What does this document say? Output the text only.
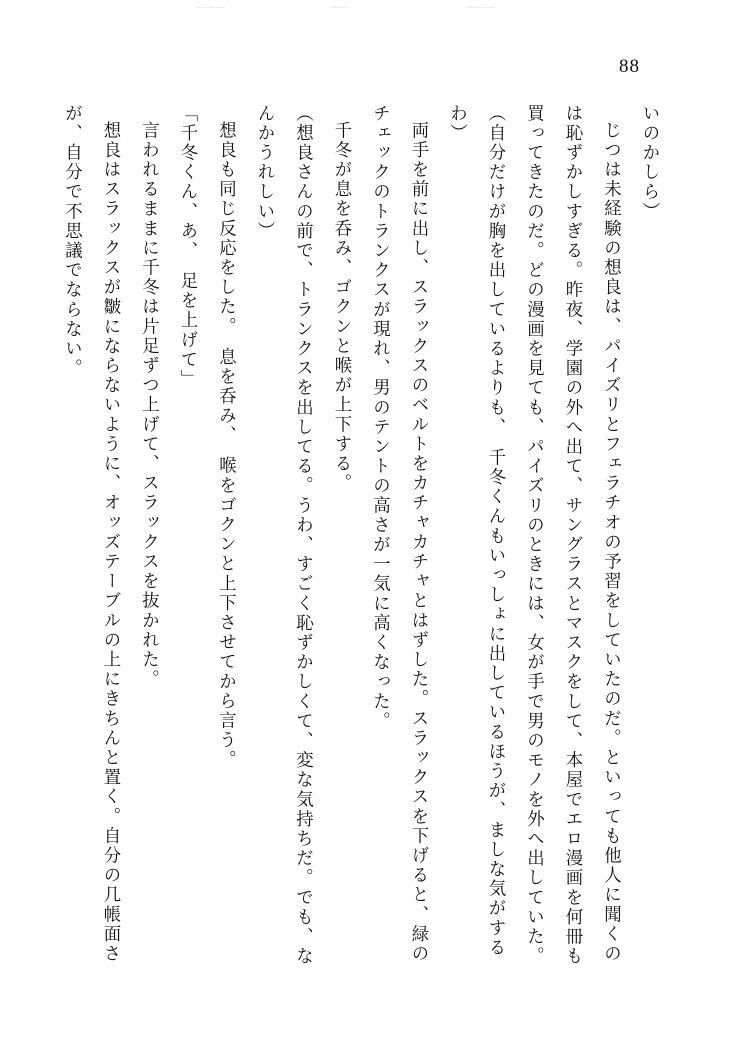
―――	――	―――
88

いのかしら）

じつは未経験の想良は、パイズリとフェラチオの予習をしていたのだ。といっても他人に聞くのは恥ずかしすぎる。昨夜、学園の外へ出て、サングラスとマスクをして、本屋でエロ漫画を何冊も買ってきたのだ。どの漫画を見ても、パイズリのときには、女が手で男のモノを外へ出していた。

（自分だけが胸を出しているよりも、　千冬くんもいっしょに出しているほうが、ましな気がするわ）

両手を前に出し、スラックスのベルトをカチャカチャとはずした。スラックスを下げると、緑のチェックのトランクスが現れ、男のテントの高さが一気に高くなった。

千冬が息を呑み、ゴクンと喉が上下する。

（想良さんの前で、トランクスを出してる。うわ、すごく恥ずかしくて、変な気持ちだ。でも、なんかうれしい）

想良も同じ反応をした。　息を呑み、　喉をゴクンと上下させてから言う。

「千冬くん、あ、　足を上げて」

言われるままに千冬は片足ずつ上げて、スラックスを抜かれた。

想良はスラックスが皺にならないように、オッズテーブルの上にきちんと置く。自分の几帳面さが、自分で不思議でならない。
